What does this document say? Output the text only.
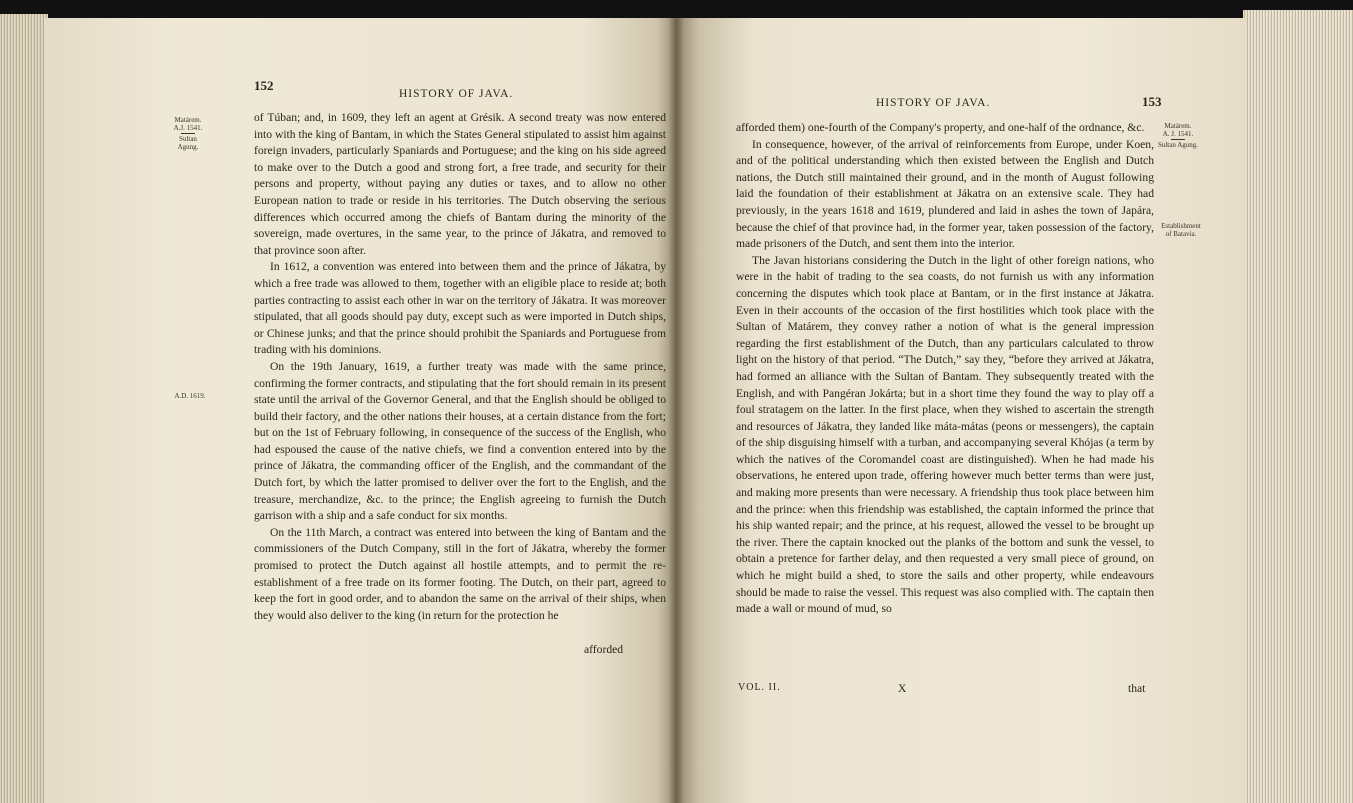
152
HISTORY OF JAVA.
Matárem.
A.J. 1541.
Sultan Agung.
A.D. 1619.

of Túban; and, in 1609, they left an agent at Grésik. A second treaty was now entered into with the king of Bantam, in which the States General stipulated to assist him against foreign invaders, particularly Spaniards and Portuguese; and the king on his side agreed to make over to the Dutch a good and strong fort, a free trade, and security for their persons and property, without paying any duties or taxes, and to allow no other European nation to trade or reside in his territories. The Dutch observing the serious differences which occurred among the chiefs of Bantam during the minority of the sovereign, made overtures, in the same year, to the prince of Jákatra, and removed to that province soon after.

In 1612, a convention was entered into between them and the prince of Jákatra, by which a free trade was allowed to them, together with an eligible place to reside at; both parties contracting to assist each other in war on the territory of Jákatra. It was moreover stipulated, that all goods should pay duty, except such as were imported in Dutch ships, or Chinese junks; and that the prince should prohibit the Spaniards and Portuguese from trading with his dominions.

On the 19th January, 1619, a further treaty was made with the same prince, confirming the former contracts, and stipulating that the fort should remain in its present state until the arrival of the Governor General, and that the English should be obliged to build their factory, and the other nations their houses, at a certain distance from the fort; but on the 1st of February following, in consequence of the success of the English, who had espoused the cause of the native chiefs, we find a convention entered into by the prince of Jákatra, the commanding officer of the English, and the commandant of the Dutch fort, by which the latter promised to deliver over the fort to the English, and the treasure, merchandize, &c. to the prince; the English agreeing to furnish the Dutch garrison with a ship and a safe conduct for six months.

On the 11th March, a contract was entered into between the king of Bantam and the commissioners of the Dutch Company, still in the fort of Jákatra, whereby the former promised to protect the Dutch against all hostile attempts, and to permit the re-establishment of a free trade on its former footing. The Dutch, on their part, agreed to keep the fort in good order, and to abandon the same on the arrival of their ships, when they would also deliver to the king (in return for the protection he

afforded
HISTORY OF JAVA.	153

afforded them) one-fourth of the Company's property, and one-half of the ordnance, &c.

In consequence, however, of the arrival of reinforcements from Europe, under Koen, and of the political understanding which then existed between the English and Dutch nations, the Dutch still maintained their ground, and in the month of August following laid the foundation of their establishment at Jákatra on an extensive scale. They had previously, in the years 1618 and 1619, plundered and laid in ashes the town of Japára, because the chief of that province had, in the former year, taken possession of the factory, made prisoners of the Dutch, and sent them into the interior.

The Javan historians considering the Dutch in the light of other foreign nations, who were in the habit of trading to the sea coasts, do not furnish us with any information concerning the disputes which took place at Bantam, or in the first instance at Jákatra. Even in their accounts of the occasion of the first hostilities which took place with the Sultan of Matárem, they convey rather a notion of what is the general impression regarding the first establishment of the Dutch, than any particulars calculated to throw light on the history of that period. “The Dutch,” say they, “before they arrived at Jákatra, had formed an alliance with the Sultan of Bantam. They subsequently treated with the English, and with Pangéran Jokárta; but in a short time they found the way to play off a foul stratagem on the latter. In the first place, when they wished to ascertain the strength and resources of Jákatra, they landed like máta-mátas (peons or messengers), the captain of the ship disguising himself with a turban, and accompanying several Khójas (a term by which the natives of the Coromandel coast are distinguished). When he had made his observations, he entered upon trade, offering however much better terms than were just, and making more presents than were necessary. A friendship thus took place between him and the prince: when this friendship was established, the captain informed the prince that his ship wanted repair; and the prince, at his request, allowed the vessel to be brought up the river. There the captain knocked out the planks of the bottom and sunk the vessel, to obtain a pretence for farther delay, and then requested a very small piece of ground, on which he might build a shed, to store the sails and other property, while endeavours should be made to raise the vessel. This request was also complied with. The captain then made a wall or mound of mud, so

Matárem.
A. J. 1541.
Sultan Agung.
Establishment
of Batavia.
VOL. II.	X	that
